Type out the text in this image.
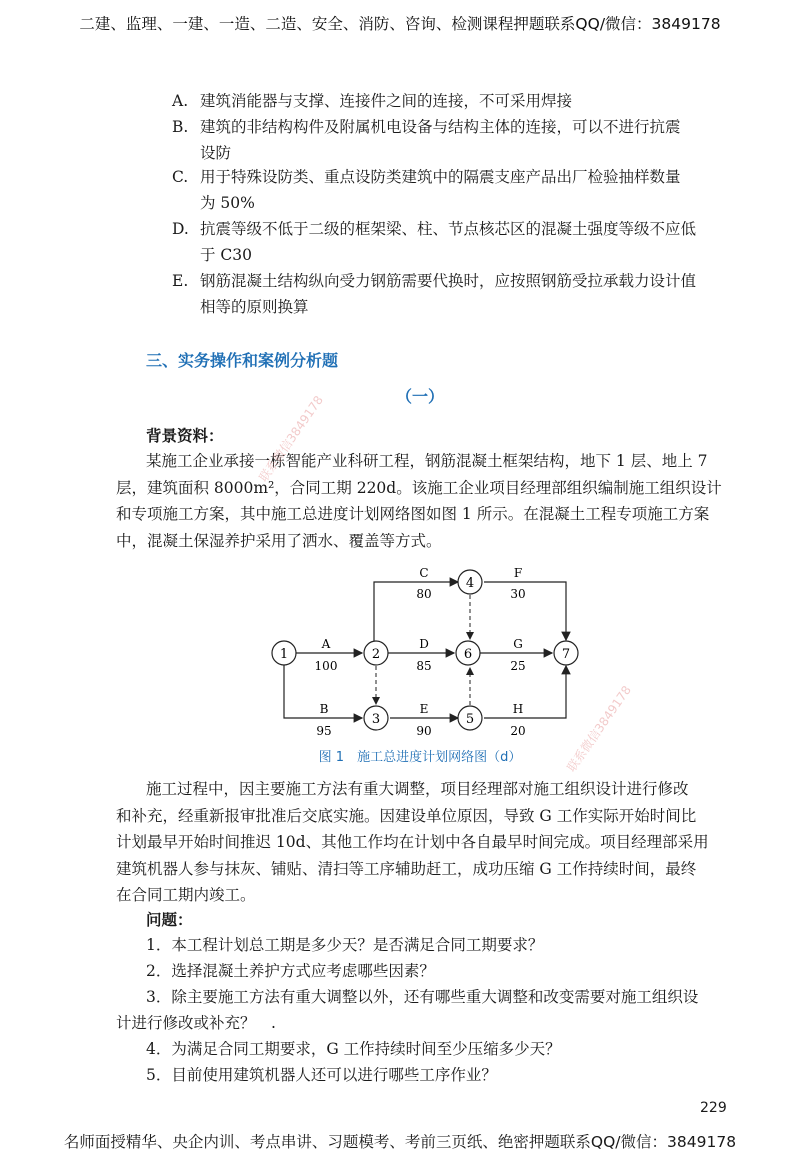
二建、监理、一建、一造、二造、安全、消防、咨询、检测课程押题联系QQ/微信：3849178
A. 建筑消能器与支撑、连接件之间的连接，不可采用焊接
B. 建筑的非结构构件及附属机电设备与结构主体的连接，可以不进行抗震
设防
C. 用于特殊设防类、重点设防类建筑中的隔震支座产品出厂检验抽样数量
为 50%
D. 抗震等级不低于二级的框架梁、柱、节点核芯区的混凝土强度等级不应低
于 C30
E. 钢筋混凝土结构纵向受力钢筋需要代换时，应按照钢筋受拉承载力设计值
相等的原则换算
三、实务操作和案例分析题
（一）
背景资料：
某施工企业承接一栋智能产业科研工程，钢筋混凝土框架结构，地下 1 层、地上 7
层，建筑面积 8000m²，合同工期 220d。该施工企业项目经理部组织编制施工组织设计
和专项施工方案，其中施工总进度计划网络图如图 1 所示。在混凝土工程专项施工方案
中，混凝土保湿养护采用了洒水、覆盖等方式。
1	2
3
4
5
6	7
A
100
B
95
C
80
D
85
E
90
F
30
G
25
H
20
图 1　施工总进度计划网络图（d）
施工过程中，因主要施工方法有重大调整，项目经理部对施工组织设计进行修改
和补充，经重新报审批准后交底实施。因建设单位原因，导致 G 工作实际开始时间比
计划最早开始时间推迟 10d、其他工作均在计划中各自最早时间完成。项目经理部采用
建筑机器人参与抹灰、铺贴、清扫等工序辅助赶工，成功压缩 G 工作持续时间，最终
在合同工期内竣工。
问题：
1．本工程计划总工期是多少天？是否满足合同工期要求？
2．选择混凝土养护方式应考虑哪些因素？
3．除主要施工方法有重大调整以外，还有哪些重大调整和改变需要对施工组织设
计进行修改或补充？　.
4．为满足合同工期要求，G 工作持续时间至少压缩多少天？
5．目前使用建筑机器人还可以进行哪些工序作业？
联系微信3849178
联系微信3849178
229
名师面授精华、央企内训、考点串讲、习题模考、考前三页纸、绝密押题联系QQ/微信：3849178
